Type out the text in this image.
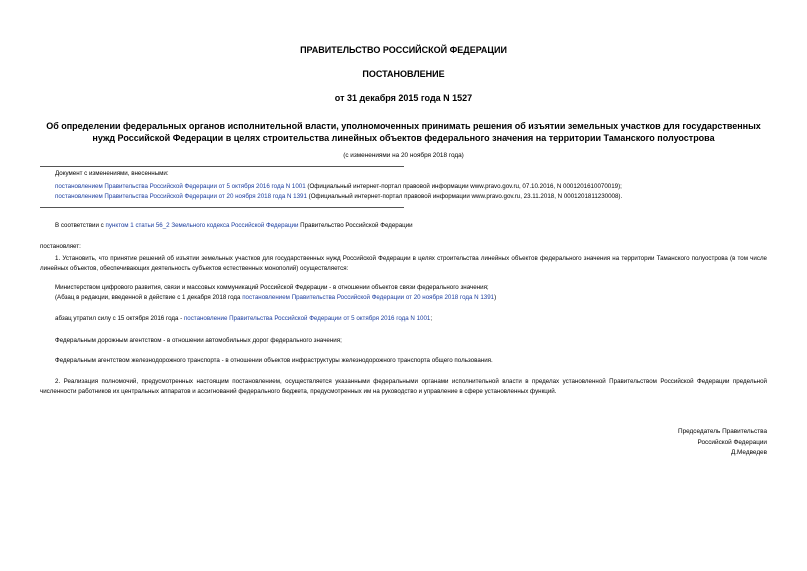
ПРАВИТЕЛЬСТВО РОССИЙСКОЙ ФЕДЕРАЦИИ
ПОСТАНОВЛЕНИЕ
от 31 декабря 2015 года N 1527
Об определении федеральных органов исполнительной власти, уполномоченных принимать решения об изъятии земельных участков для государственных нужд Российской Федерации в целях строительства линейных объектов федерального значения на территории Таманского полуострова
(с изменениями на 20 ноября 2018 года)
Документ с изменениями, внесенными:
постановлением Правительства Российской Федерации от 5 октября 2016 года N 1001 (Официальный интернет-портал правовой информации www.pravo.gov.ru, 07.10.2016, N 0001201610070019);
постановлением Правительства Российской Федерации от 20 ноября 2018 года N 1391 (Официальный интернет-портал правовой информации www.pravo.gov.ru, 23.11.2018, N 0001201811230008).
В соответствии с пунктом 1 статьи 56_2 Земельного кодекса Российской Федерации Правительство Российской Федерации
постановляет:
1. Установить, что принятие решений об изъятии земельных участков для государственных нужд Российской Федерации в целях строительства линейных объектов федерального значения на территории Таманского полуострова (в том числе линейных объектов, обеспечивающих деятельность субъектов естественных монополий) осуществляется:
Министерством цифрового развития, связи и массовых коммуникаций Российской Федерации - в отношении объектов связи федерального значения;
(Абзац в редакции, введенной в действие с 1 декабря 2018 года постановлением Правительства Российской Федерации от 20 ноября 2018 года N 1391)
абзац утратил силу с 15 октября 2016 года - постановление Правительства Российской Федерации от 5 октября 2016 года N 1001;
Федеральным дорожным агентством - в отношении автомобильных дорог федерального значения;
Федеральным агентством железнодорожного транспорта - в отношении объектов инфраструктуры железнодорожного транспорта общего пользования.
2. Реализация полномочий, предусмотренных настоящим постановлением, осуществляется указанными федеральными органами исполнительной власти в пределах установленной Правительством Российской Федерации предельной численности работников их центральных аппаратов и ассигнований федерального бюджета, предусмотренных им на руководство и управление в сфере установленных функций.
Председатель Правительства
Российской Федерации
Д.Медведев
